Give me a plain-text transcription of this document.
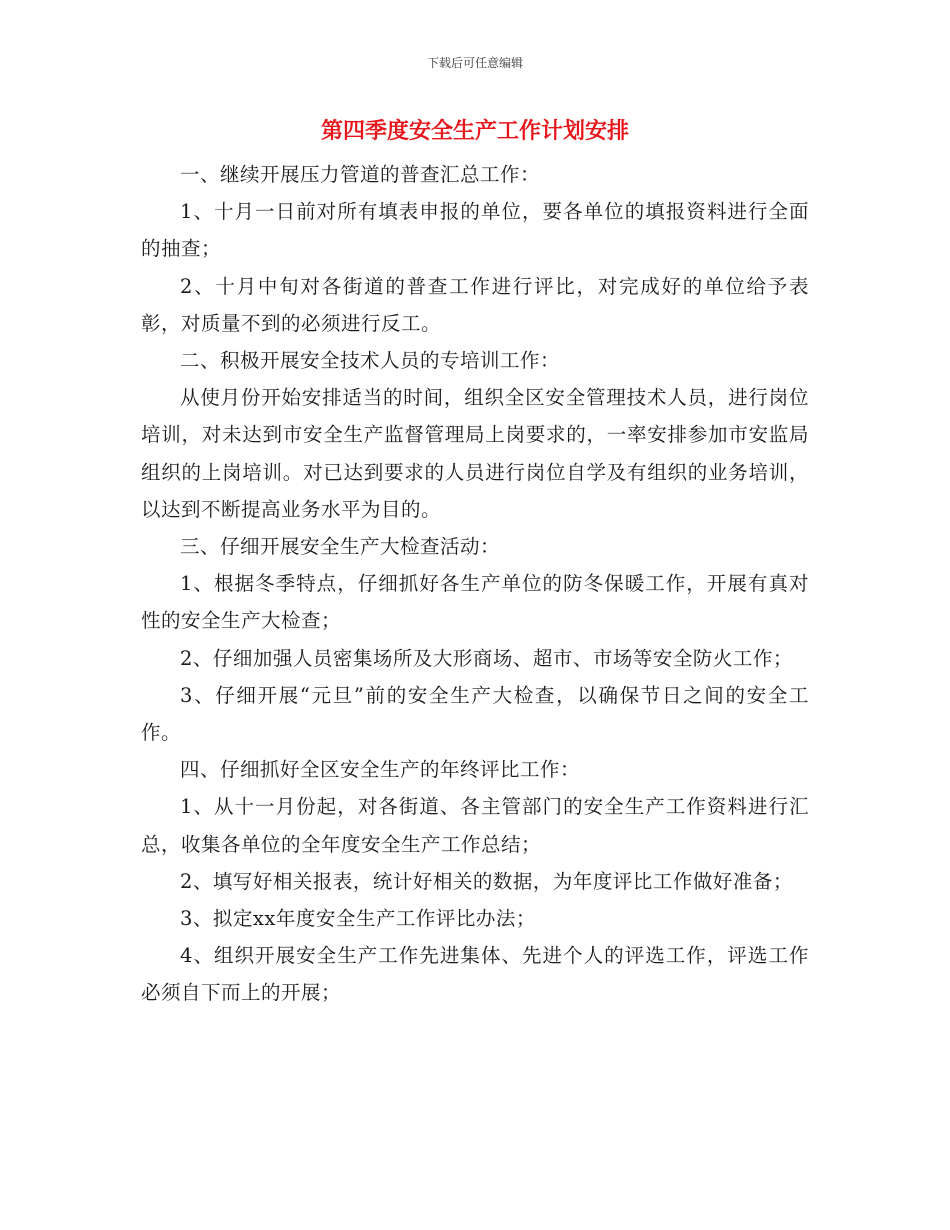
下载后可任意编辑
第四季度安全生产工作计划安排

一、继续开展压力管道的普查汇总工作：

1、十月一日前对所有填表申报的单位，要各单位的填报资料进行全面的抽查；

2、十月中旬对各街道的普查工作进行评比，对完成好的单位给予表彰，对质量不到的必须进行反工。

二、积极开展安全技术人员的专培训工作：

从使月份开始安排适当的时间，组织全区安全管理技术人员，进行岗位培训，对未达到市安全生产监督管理局上岗要求的，一率安排参加市安监局组织的上岗培训。对已达到要求的人员进行岗位自学及有组织的业务培训，以达到不断提高业务水平为目的。

三、仔细开展安全生产大检查活动：

1、根据冬季特点，仔细抓好各生产单位的防冬保暖工作，开展有真对性的安全生产大检查；

2、仔细加强人员密集场所及大形商场、超市、市场等安全防火工作；

3、仔细开展“元旦”前的安全生产大检查，以确保节日之间的安全工作。

四、仔细抓好全区安全生产的年终评比工作：

1、从十一月份起，对各街道、各主管部门的安全生产工作资料进行汇总，收集各单位的全年度安全生产工作总结；

2、填写好相关报表，统计好相关的数据，为年度评比工作做好准备；

3、拟定xx年度安全生产工作评比办法；

4、组织开展安全生产工作先进集体、先进个人的评选工作，评选工作必须自下而上的开展；
